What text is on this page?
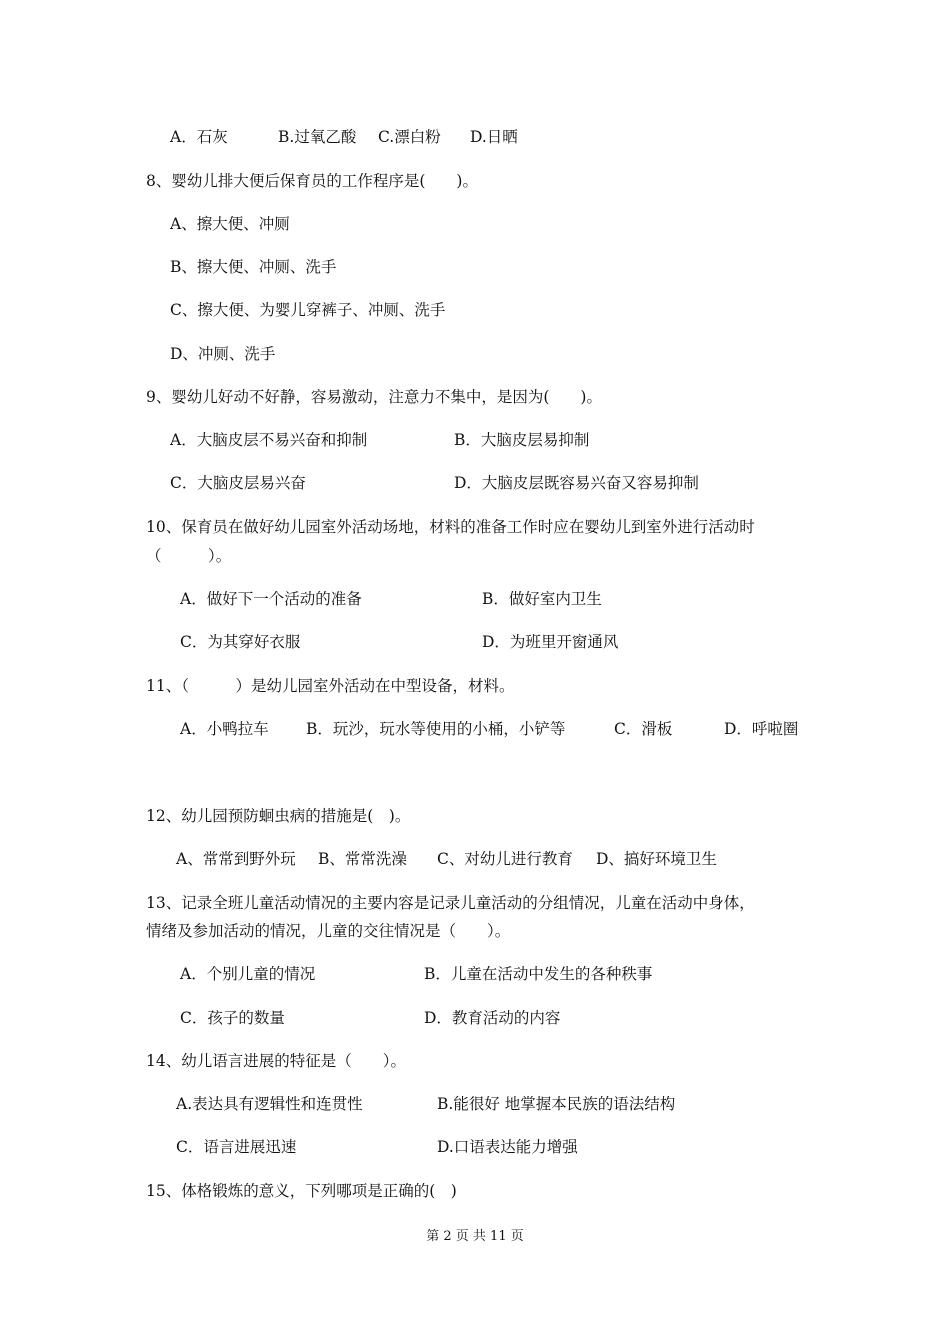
A．石灰	B.过氧乙酸 C.漂白粉 D.日晒
8、婴幼儿排大便后保育员的工作程序是(　　)。
A、擦大便、冲厕
B、擦大便、冲厕、洗手
C、擦大便、为婴儿穿裤子、冲厕、洗手
D、冲厕、洗手
9、婴幼儿好动不好静，容易激动，注意力不集中，是因为(　　)。
A．大脑皮层不易兴奋和抑制	B．大脑皮层易抑制
C．大脑皮层易兴奋	D．大脑皮层既容易兴奋又容易抑制
10、保育员在做好幼儿园室外活动场地，材料的准备工作时应在婴幼儿到室外进行活动时
（　　　）。
A．做好下一个活动的准备	B．做好室内卫生
C．为其穿好衣服	D．为班里开窗通风
11、（　　　）是幼儿园室外活动在中型设备，材料。
A．小鸭拉车 B．玩沙，玩水等使用的小桶，小铲等	C．滑板	D．呼啦圈
12、幼儿园预防蛔虫病的措施是(　)。
A、常常到野外玩 B、常常洗澡 C、对幼儿进行教育 D、搞好环境卫生
13、记录全班儿童活动情况的主要内容是记录儿童活动的分组情况，儿童在活动中身体，
情绪及参加活动的情况，儿童的交往情况是（　　）。
A．个别儿童的情况	B．儿童在活动中发生的各种秩事
C．孩子的数量	D．教育活动的内容
14、幼儿语言进展的特征是（　　）。
A.表达具有逻辑性和连贯性	B.能很好 地掌握本民族的语法结构
C．语言进展迅速	D.口语表达能力增强
15、体格锻炼的意义，下列哪项是正确的(　)
第 2 页 共 11 页
